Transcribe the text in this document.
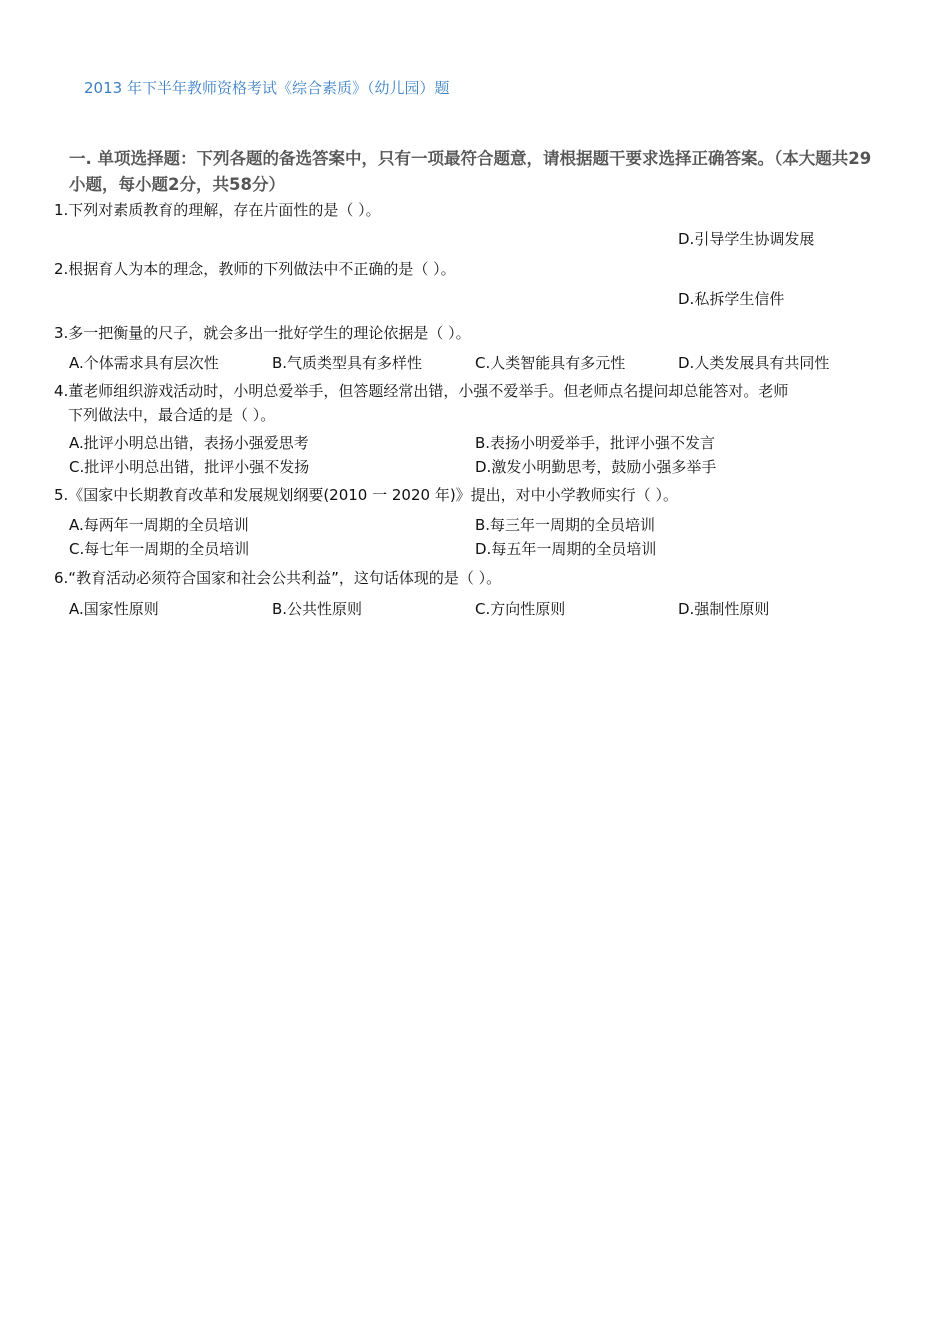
2013 年下半年教师资格考试《综合素质》（幼儿园）题
一. 单项选择题：下列各题的备选答案中，只有一项最符合题意，请根据题干要求选择正确答案。（本大题共29小题，每小题2分，共58分）
1.下列对素质教育的理解，存在片面性的是（ ）。
D.引导学生协调发展
2.根据育人为本的理念，教师的下列做法中不正确的是（ ）。
D.私拆学生信件
3.多一把衡量的尺子，就会多出一批好学生的理论依据是（ ）。
A.个体需求具有层次性	B.气质类型具有多样性	C.人类智能具有多元性	D.人类发展具有共同性
4.董老师组织游戏活动时，小明总爱举手，但答题经常出错，小强不爱举手。但老师点名提问却总能答对。老师
下列做法中，最合适的是（ ）。
A.批评小明总出错，表扬小强爱思考	B.表扬小明爱举手，批评小强不发言
C.批评小明总出错，批评小强不发扬	D.激发小明勤思考，鼓励小强多举手
5.《国家中长期教育改革和发展规划纲要(2010 一 2020 年)》提出，对中小学教师实行（ ）。
A.每两年一周期的全员培训	B.每三年一周期的全员培训
C.每七年一周期的全员培训	D.每五年一周期的全员培训
6.“教育活动必须符合国家和社会公共利益”，这句话体现的是（ ）。
A.国家性原则	B.公共性原则	C.方向性原则	D.强制性原则
